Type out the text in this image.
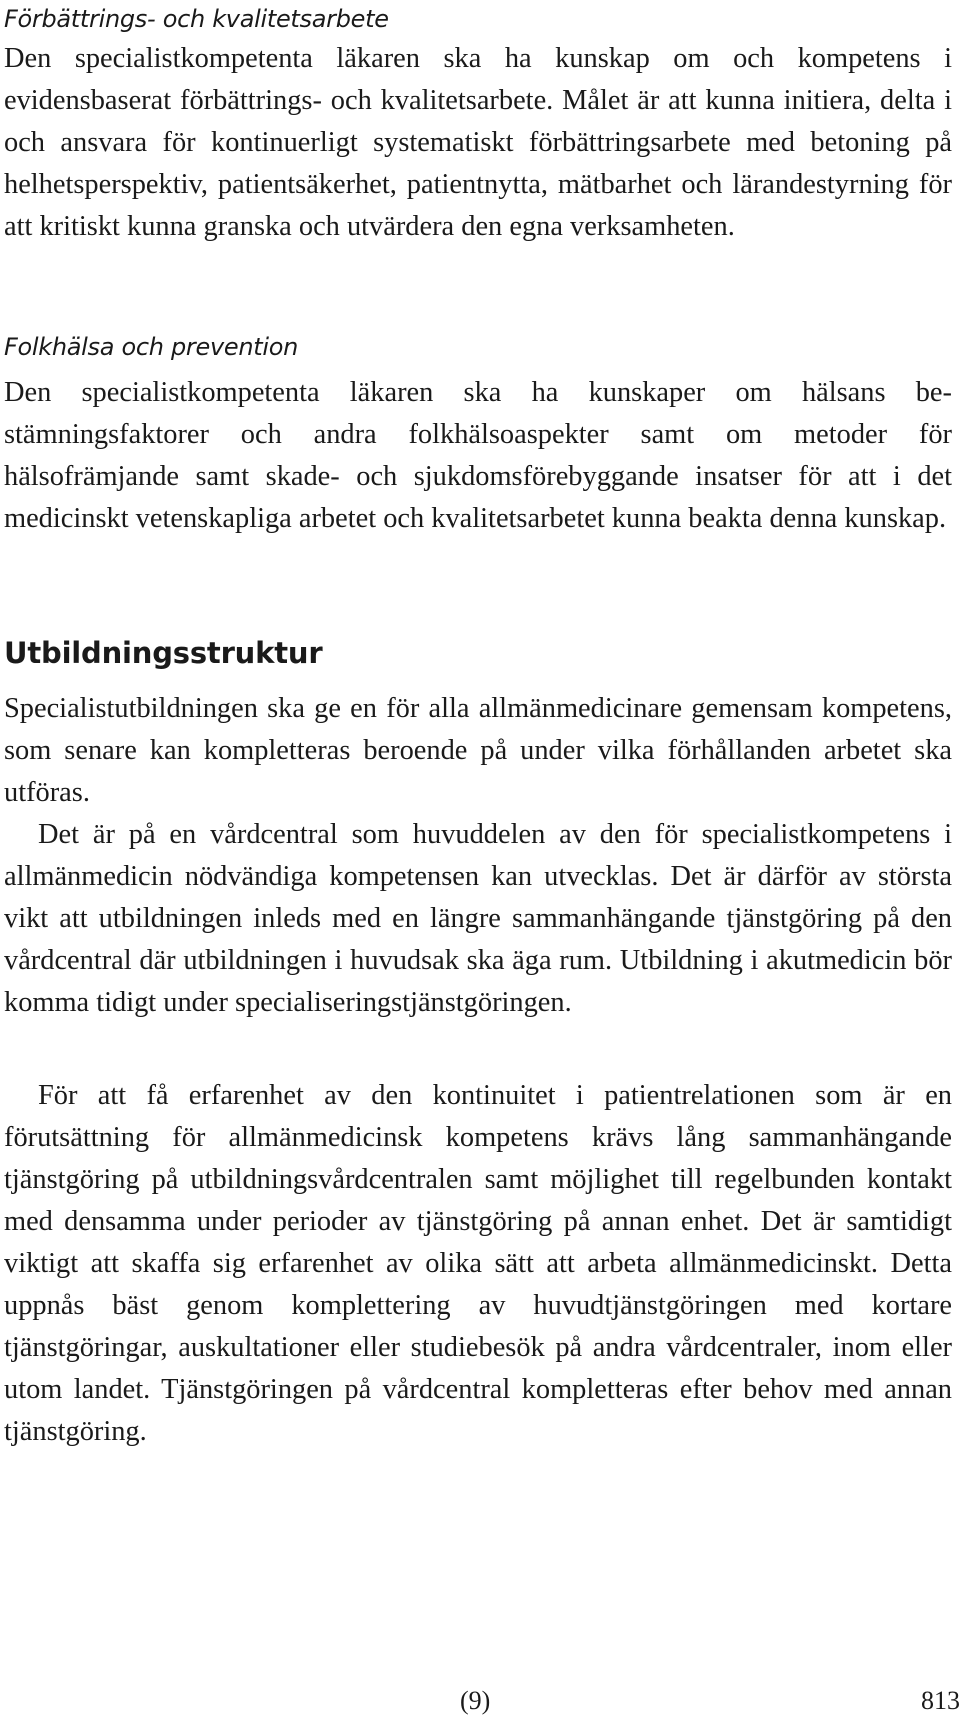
Förbättrings- och kvalitetsarbete

Den specialistkompetenta läkaren ska ha kunskap om och kompetens i evidensbaserat förbättrings- och kvalitetsarbete. Målet är att kunna initiera, delta i och ansvara för kontinuerligt systematiskt förbättringsarbete med betoning på helhetsperspektiv, patientsäkerhet, patientnytta, mätbarhet och lärandestyrning för att kritiskt kunna granska och utvärdera den egna verksamheten.

Folkhälsa och prevention

Den specialistkompetenta läkaren ska ha kunskaper om hälsans bestämningsfaktorer och andra folkhälsoaspekter samt om metoder för hälsofrämjande samt skade- och sjukdomsförebyggande insatser för att i det medicinskt vetenskapliga arbetet och kvalitetsarbetet kunna beakta denna kunskap.

Utbildningsstruktur

Specialistutbildningen ska ge en för alla allmänmedicinare gemensam kompetens, som senare kan kompletteras beroende på under vilka förhållanden arbetet ska utföras.

Det är på en vårdcentral som huvuddelen av den för specialistkompetens i allmänmedicin nödvändiga kompetensen kan utvecklas. Det är därför av största vikt att utbildningen inleds med en längre sammanhängande tjänstgöring på den vårdcentral där utbildningen i huvudsak ska äga rum. Utbildning i akutmedicin bör komma tidigt under specialiseringstjänstgöringen.

För att få erfarenhet av den kontinuitet i patientrelationen som är en förutsättning för allmänmedicinsk kompetens krävs lång sammanhängande tjänstgöring på utbildningsvårdcentralen samt möjlighet till regelbunden kontakt med densamma under perioder av tjänstgöring på annan enhet. Det är samtidigt viktigt att skaffa sig erfarenhet av olika sätt att arbeta allmänmedicinskt. Detta uppnås bäst genom komplettering av huvudtjänstgöringen med kortare tjänstgöringar, auskultationer eller studiebesök på andra vårdcentraler, inom eller utom landet. Tjänstgöringen på vårdcentral kompletteras efter behov med annan tjänstgöring.

(9)	813
